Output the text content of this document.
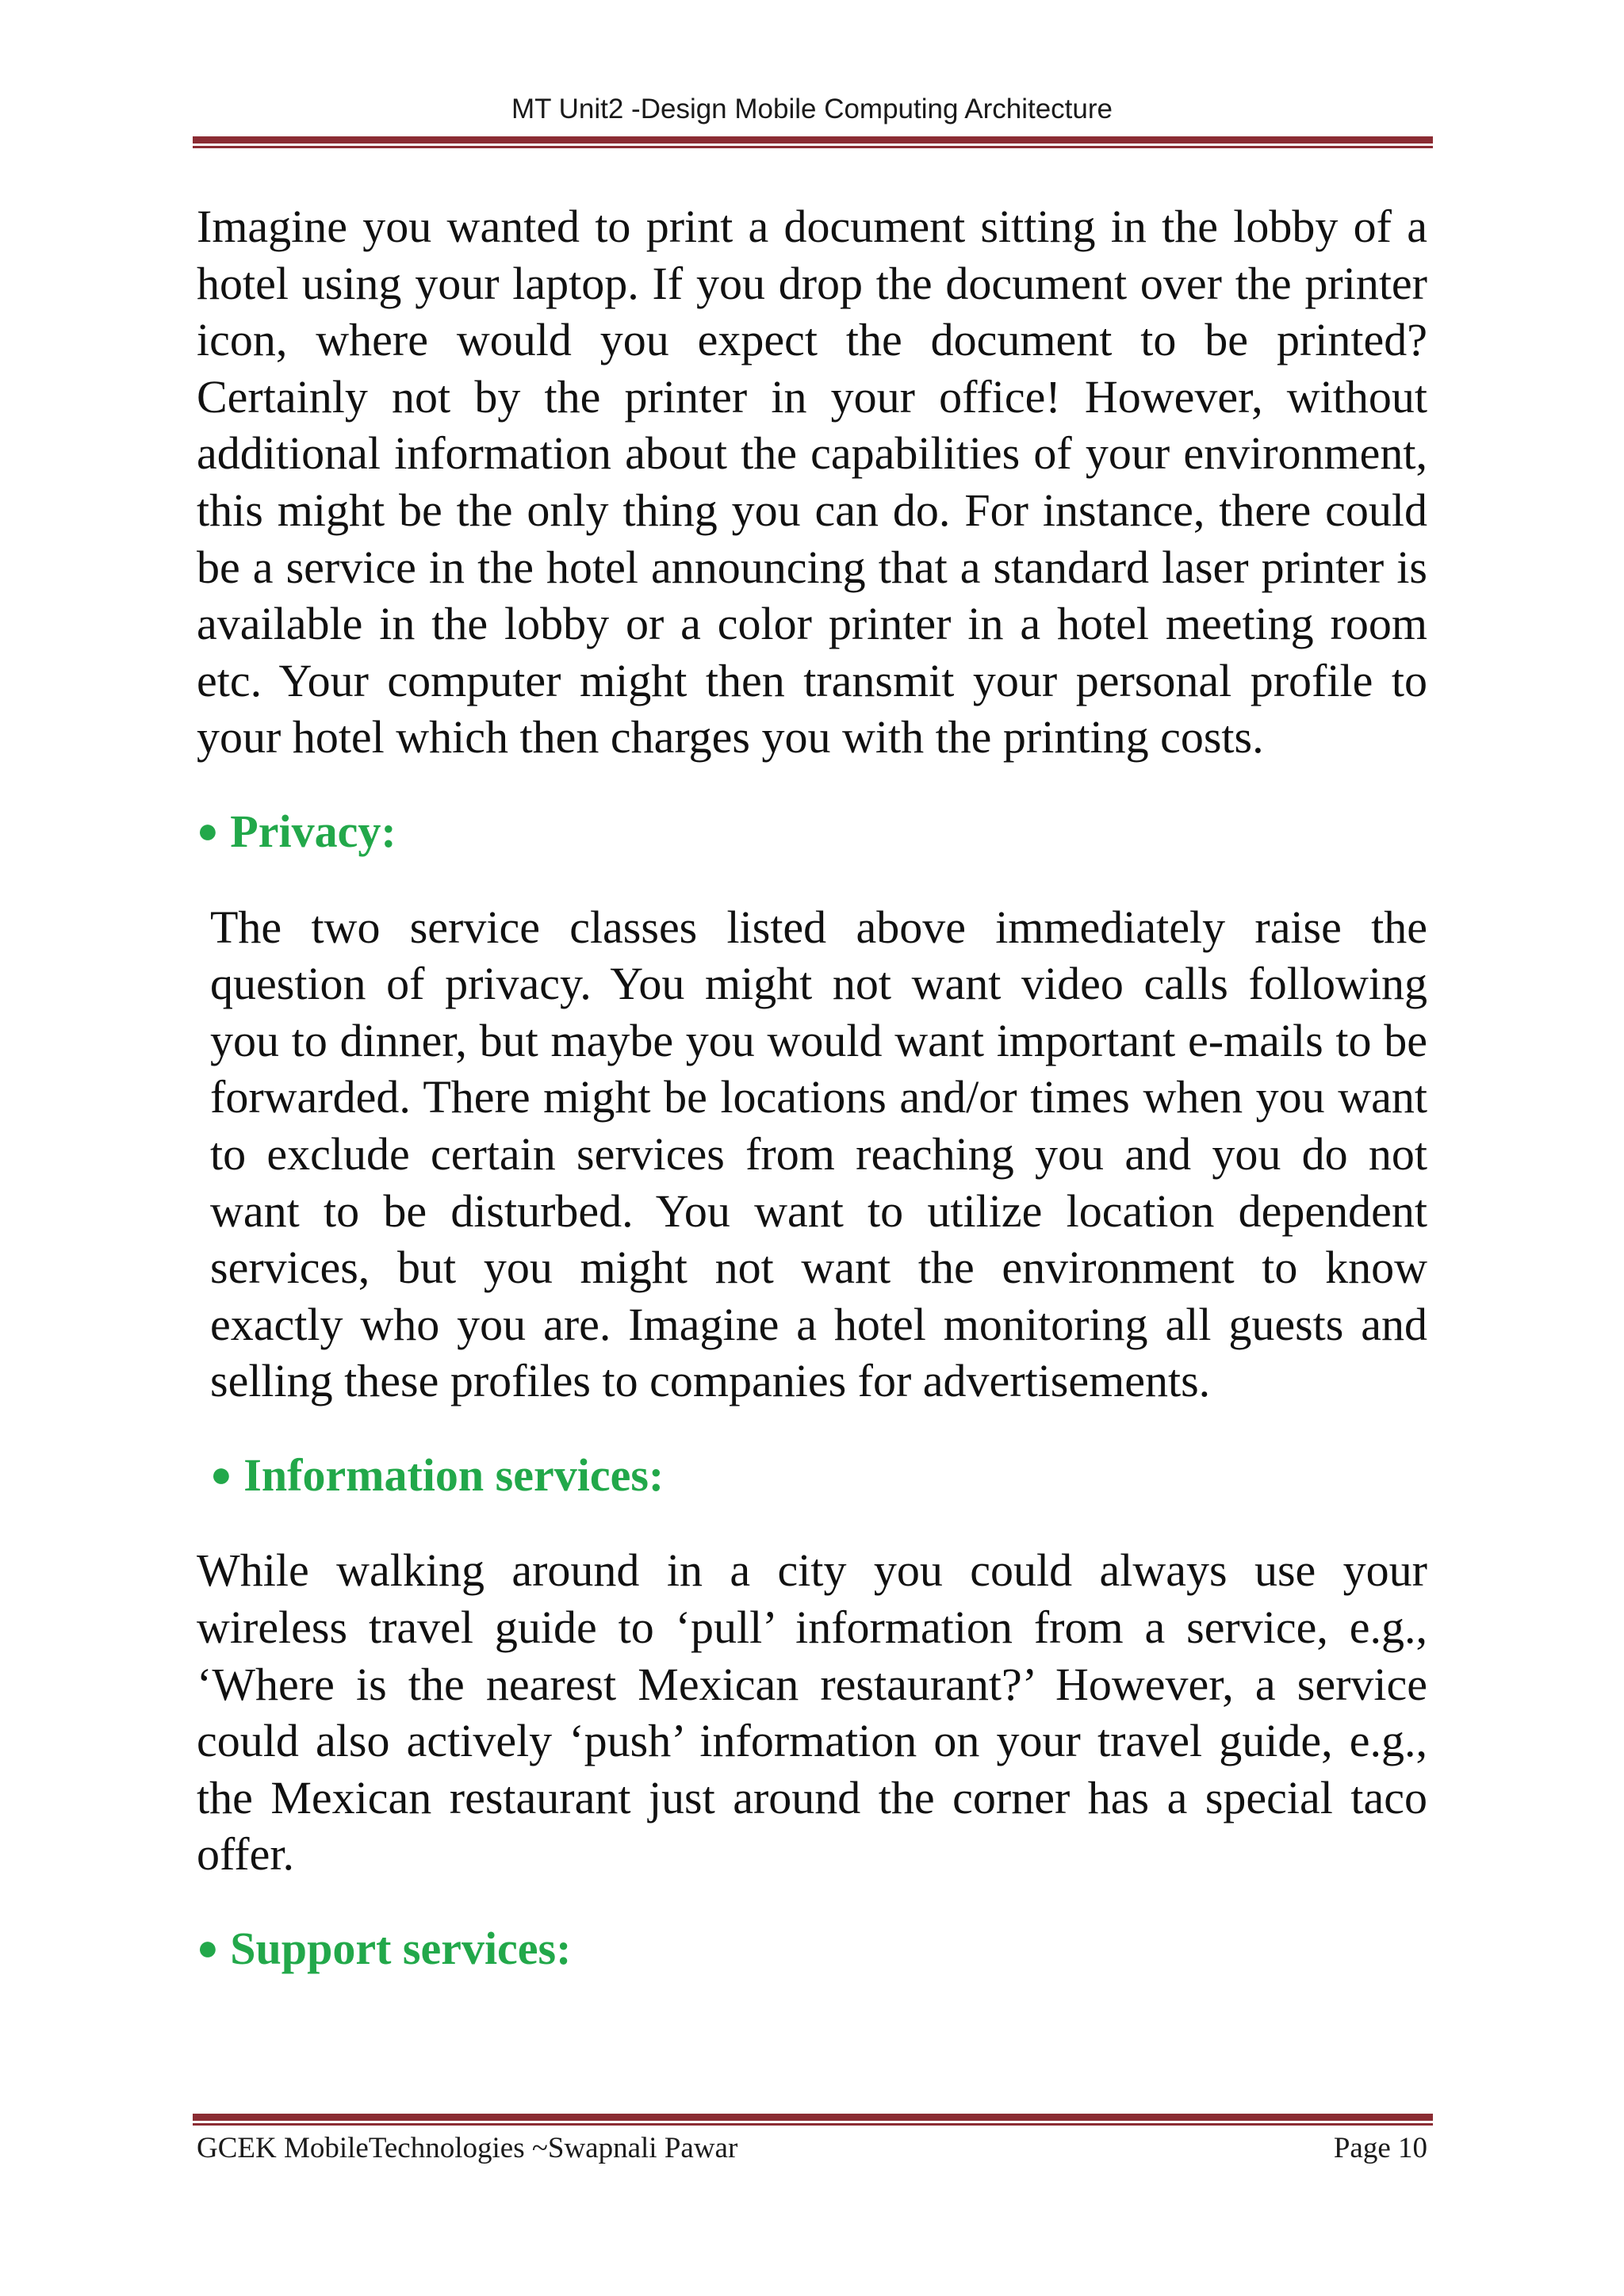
MT Unit2 -Design Mobile Computing Architecture

Imagine you wanted to print a document sitting in the lobby of a hotel using your laptop. If you drop the document over the printer icon, where would you expect the document to be printed? Certainly not by the printer in your office! However, without additional information about the capabilities of your environment, this might be the only thing you can do. For instance, there could be a service in the hotel announcing that a standard laser printer is available in the lobby or a color printer in a hotel meeting room etc. Your computer might then transmit your personal profile to your hotel which then charges you with the printing costs.

● Privacy:

The two service classes listed above immediately raise the question of privacy. You might not want video calls following you to dinner, but maybe you would want important e-mails to be forwarded. There might be locations and/or times when you want to exclude certain services from reaching you and you do not want to be disturbed. You want to utilize location dependent services, but you might not want the environment to know exactly who you are. Imagine a hotel monitoring all guests and selling these profiles to companies for advertisements.

● Information services:

While walking around in a city you could always use your wireless travel guide to ‘pull’ information from a service, e.g., ‘Where is the nearest Mexican restaurant?’ However, a service could also actively ‘push’ information on your travel guide, e.g., the Mexican restaurant just around the corner has a special taco offer.

● Support services:

GCEK MobileTechnologies ~Swapnali Pawar	Page 10
